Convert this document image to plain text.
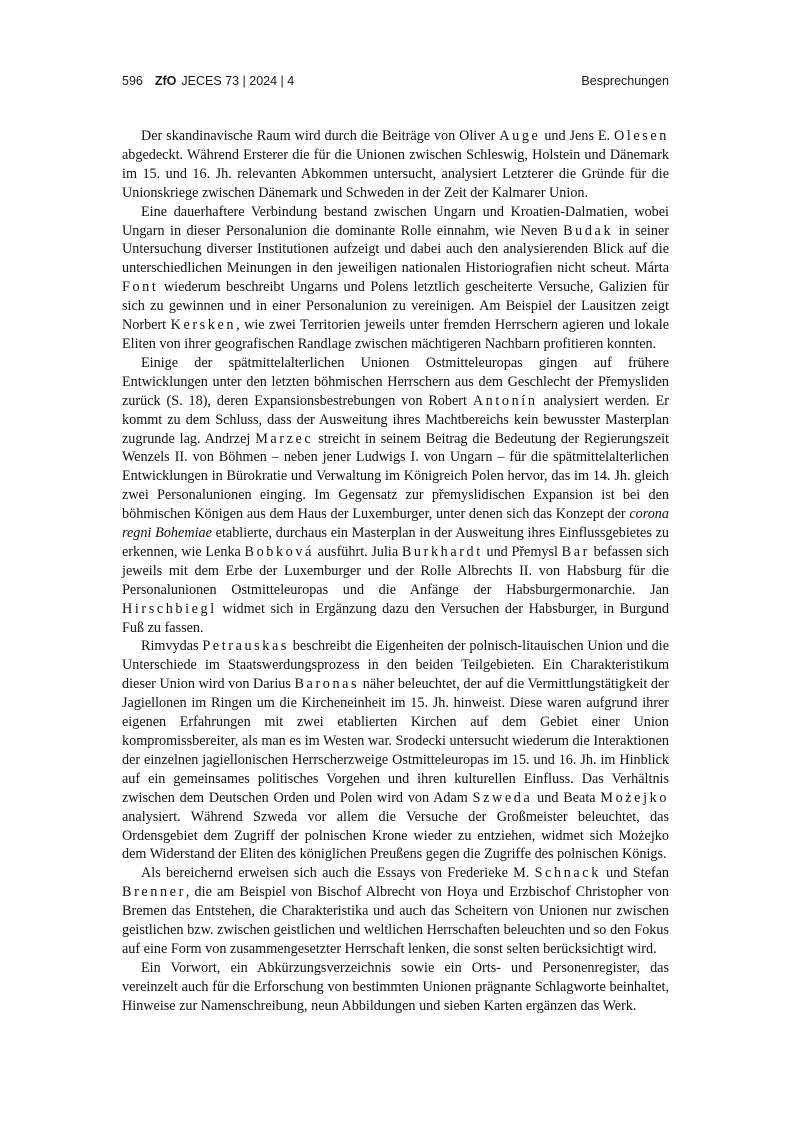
596 ZfO JECES 73 | 2024 | 4	Besprechungen

Der skandinavische Raum wird durch die Beiträge von Oliver Auge und Jens E. Olesen abgedeckt. Während Ersterer die für die Unionen zwischen Schleswig, Holstein und Dänemark im 15. und 16. Jh. relevanten Abkommen untersucht, analysiert Letzterer die Gründe für die Unionskriege zwischen Dänemark und Schweden in der Zeit der Kalmarer Union.

Eine dauerhaftere Verbindung bestand zwischen Ungarn und Kroatien-Dalmatien, wobei Ungarn in dieser Personalunion die dominante Rolle einnahm, wie Neven Budak in seiner Untersuchung diverser Institutionen aufzeigt und dabei auch den analysierenden Blick auf die unterschiedlichen Meinungen in den jeweiligen nationalen Historiografien nicht scheut. Márta Font wiederum beschreibt Ungarns und Polens letztlich gescheiterte Versuche, Galizien für sich zu gewinnen und in einer Personalunion zu vereinigen. Am Beispiel der Lausitzen zeigt Norbert Kersken, wie zwei Territorien jeweils unter fremden Herrschern agieren und lokale Eliten von ihrer geografischen Randlage zwischen mächtigeren Nachbarn profitieren konnten.

Einige der spätmittelalterlichen Unionen Ostmitteleuropas gingen auf frühere Entwicklungen unter den letzten böhmischen Herrschern aus dem Geschlecht der Přemysliden zurück (S. 18), deren Expansionsbestrebungen von Robert Antonín analysiert werden. Er kommt zu dem Schluss, dass der Ausweitung ihres Machtbereichs kein bewusster Masterplan zugrunde lag. Andrzej Marzec streicht in seinem Beitrag die Bedeutung der Regierungszeit Wenzels II. von Böhmen – neben jener Ludwigs I. von Ungarn – für die spätmittelalterlichen Entwicklungen in Bürokratie und Verwaltung im Königreich Polen hervor, das im 14. Jh. gleich zwei Personalunionen einging. Im Gegensatz zur přemyslidischen Expansion ist bei den böhmischen Königen aus dem Haus der Luxemburger, unter denen sich das Konzept der corona regni Bohemiae etablierte, durchaus ein Masterplan in der Ausweitung ihres Einflussgebietes zu erkennen, wie Lenka Bobková ausführt. Julia Burkhardt und Přemysl Bar befassen sich jeweils mit dem Erbe der Luxemburger und der Rolle Albrechts II. von Habsburg für die Personalunionen Ostmitteleuropas und die Anfänge der Habsburgermonarchie. Jan Hirschbiegl widmet sich in Ergänzung dazu den Versuchen der Habsburger, in Burgund Fuß zu fassen.

Rimvydas Petrauskas beschreibt die Eigenheiten der polnisch-litauischen Union und die Unterschiede im Staatswerdungsprozess in den beiden Teilgebieten. Ein Charakteristikum dieser Union wird von Darius Baronas näher beleuchtet, der auf die Vermittlungstätigkeit der Jagiellonen im Ringen um die Kircheneinheit im 15. Jh. hinweist. Diese waren aufgrund ihrer eigenen Erfahrungen mit zwei etablierten Kirchen auf dem Gebiet einer Union kompromissbereiter, als man es im Westen war. Srodecki untersucht wiederum die Interaktionen der einzelnen jagiellonischen Herrscherzweige Ostmitteleuropas im 15. und 16. Jh. im Hinblick auf ein gemeinsames politisches Vorgehen und ihren kulturellen Einfluss. Das Verhältnis zwischen dem Deutschen Orden und Polen wird von Adam Szweda und Beata Możejko analysiert. Während Szweda vor allem die Versuche der Großmeister beleuchtet, das Ordensgebiet dem Zugriff der polnischen Krone wieder zu entziehen, widmet sich Możejko dem Widerstand der Eliten des königlichen Preußens gegen die Zugriffe des polnischen Königs.

Als bereichernd erweisen sich auch die Essays von Frederieke M. Schnack und Stefan Brenner, die am Beispiel von Bischof Albrecht von Hoya und Erzbischof Christopher von Bremen das Entstehen, die Charakteristika und auch das Scheitern von Unionen nur zwischen geistlichen bzw. zwischen geistlichen und weltlichen Herrschaften beleuchten und so den Fokus auf eine Form von zusammengesetzter Herrschaft lenken, die sonst selten berücksichtigt wird.

Ein Vorwort, ein Abkürzungsverzeichnis sowie ein Orts- und Personenregister, das vereinzelt auch für die Erforschung von bestimmten Unionen prägnante Schlagworte beinhaltet, Hinweise zur Namenschreibung, neun Abbildungen und sieben Karten ergänzen das Werk.
